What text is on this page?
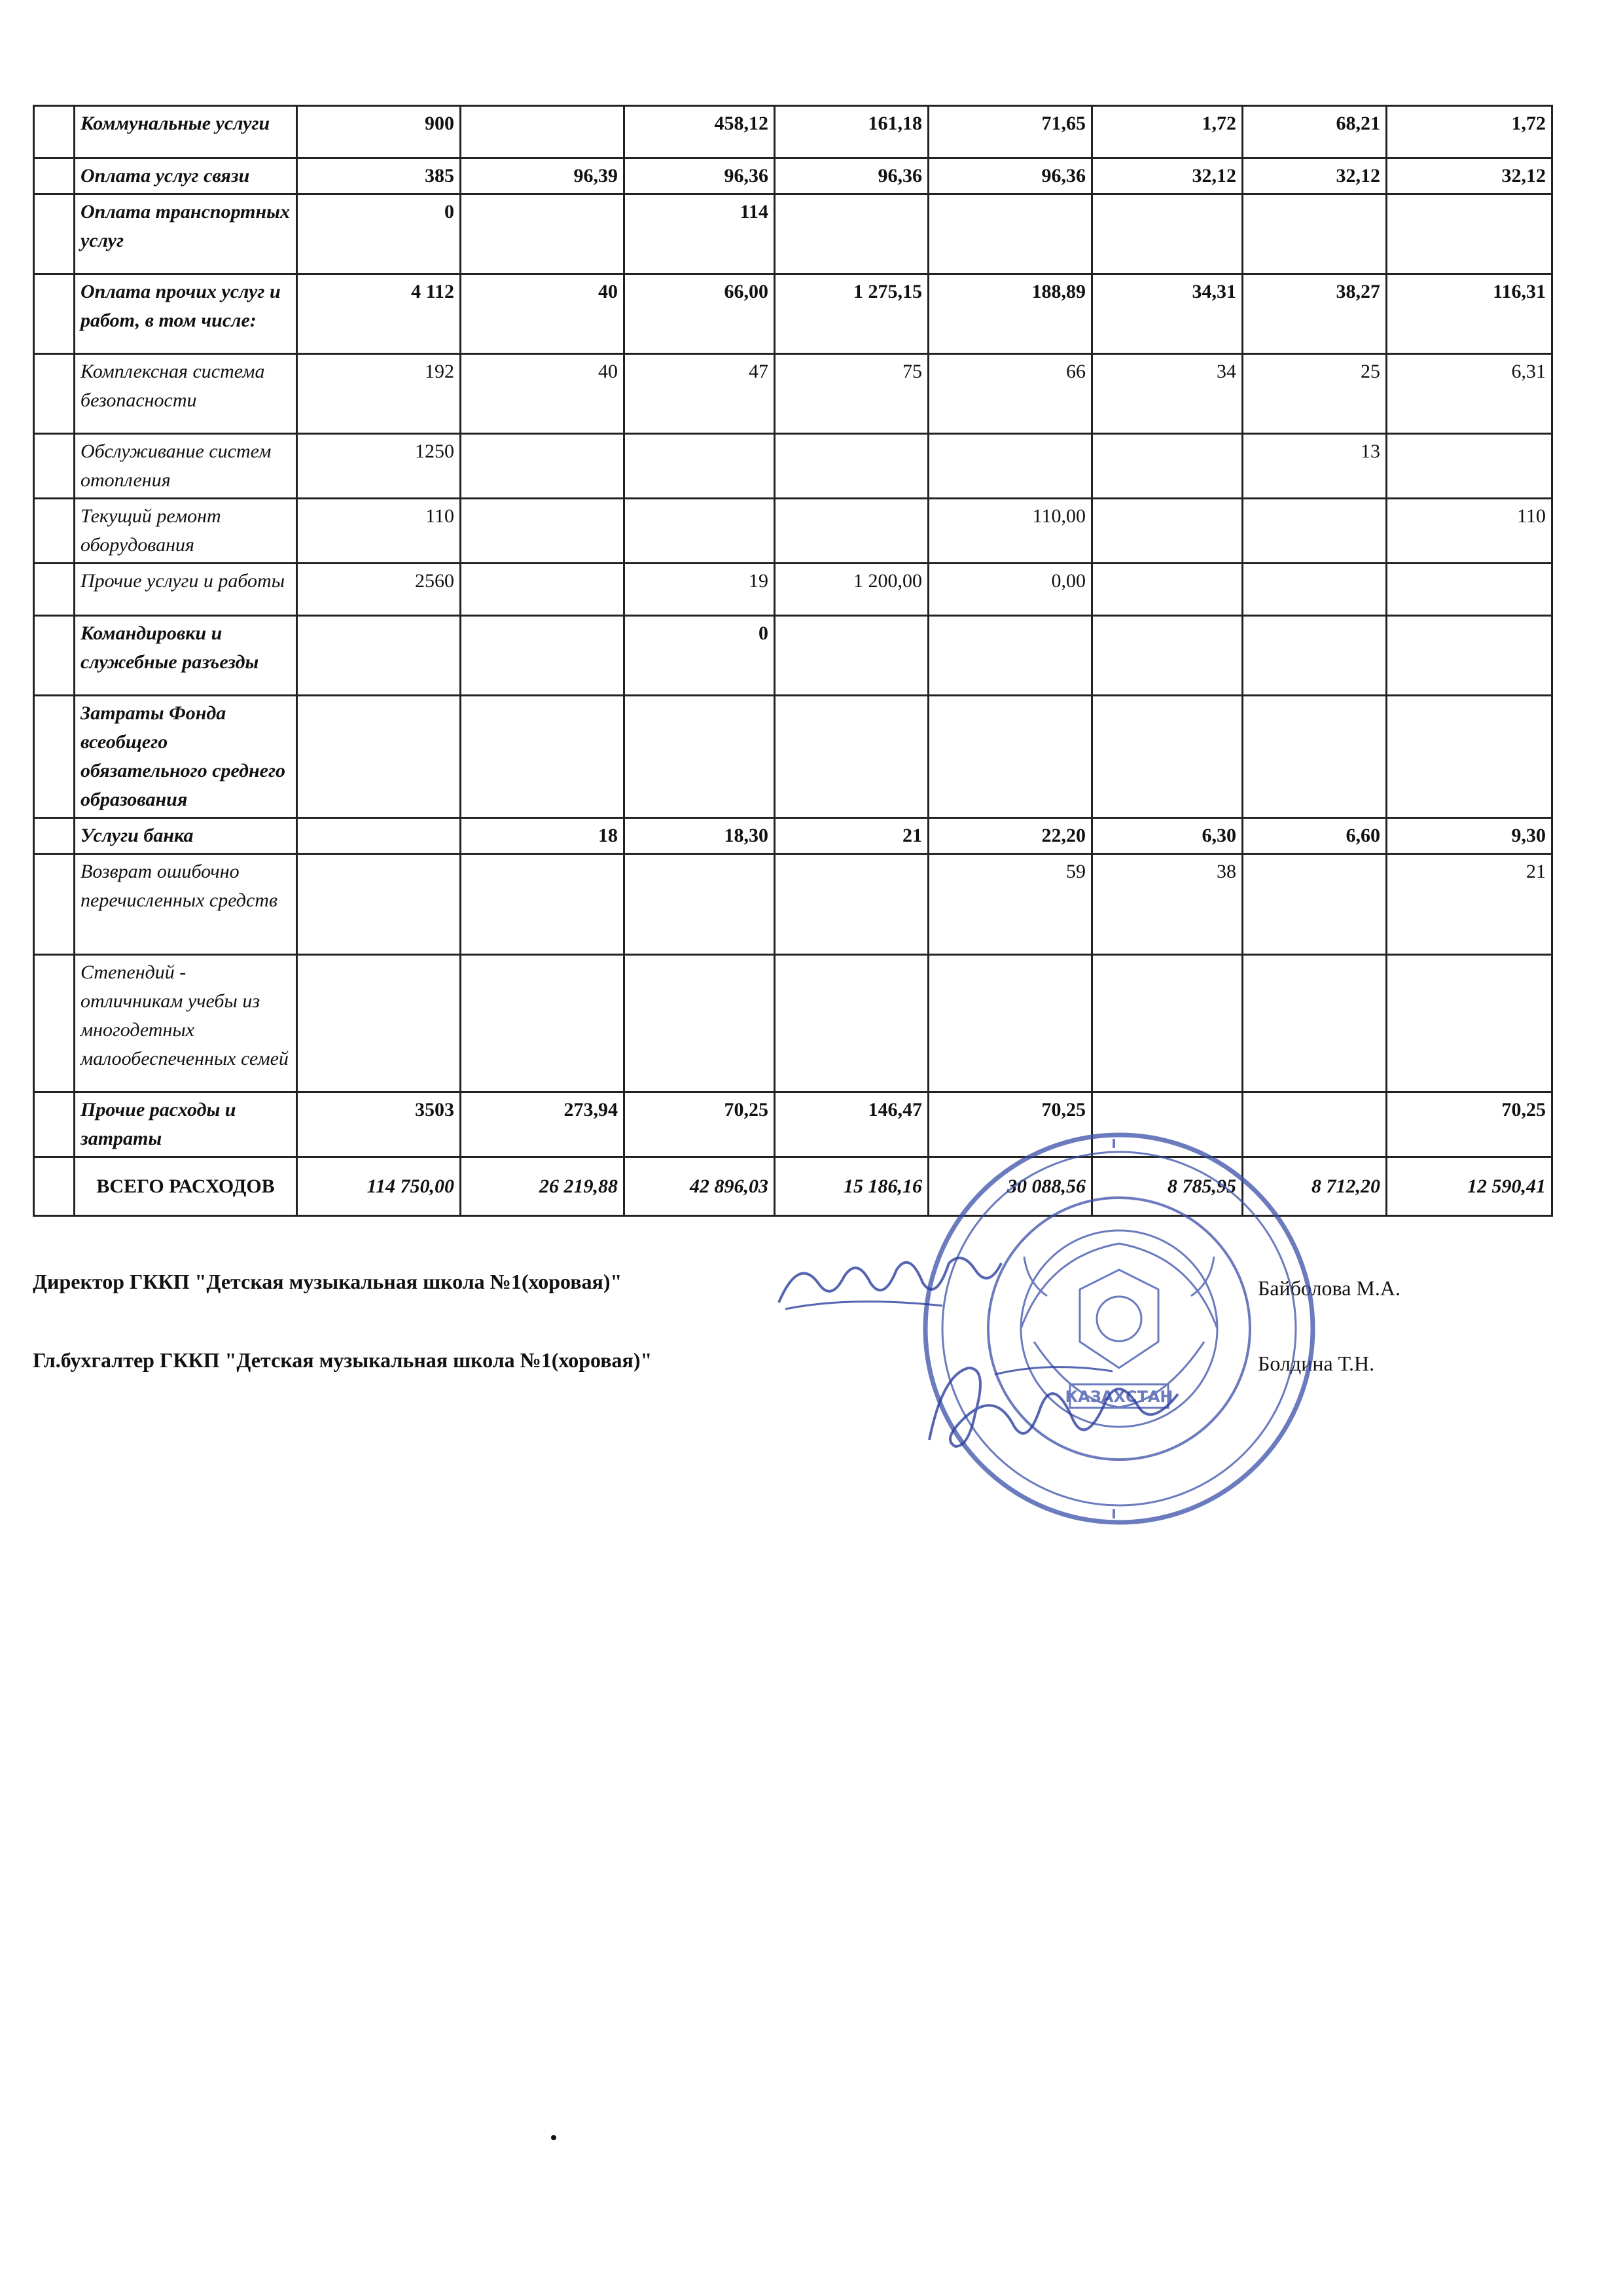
	Коммунальные услуги	900		458,12	161,18	71,65	1,72	68,21	1,72
	Оплата услуг связи	385	96,39	96,36	96,36	96,36	32,12	32,12	32,12
	Оплата транспортных услуг	0		114					
	Оплата прочих услуг и работ, в том числе:	4 112	40	66,00	1 275,15	188,89	34,31	38,27	116,31
	Комплексная система безопасности	192	40	47	75	66	34	25	6,31
	Обслуживание систем отопления	1250						13	
	Текущий ремонт оборудования	110				110,00			110
	Прочие услуги и работы	2560		19	1 200,00	0,00			
	Командировки и служебные разъезды			0					
	Затраты Фонда всеобщего обязательного среднего образования								
	Услуги банка		18	18,30	21	22,20	6,30	6,60	9,30
	Возврат ошибочно перечисленных средств					59	38		21
	Степендий - отличникам учебы из многодетных малообеспеченных семей								
	Прочие расходы и затраты	3503	273,94	70,25	146,47	70,25			70,25
	ВСЕГО РАСХОДОВ	114 750,00	26 219,88	42 896,03	15 186,16	30 088,56	8 785,95	8 712,20	12 590,41
Директор ГККП "Детская музыкальная школа №1(хоровая)"	Байболова М.А.
Гл.бухгалтер ГККП "Детская музыкальная школа №1(хоровая)"	Болдина Т.Н.
КАЗАХСТАН
